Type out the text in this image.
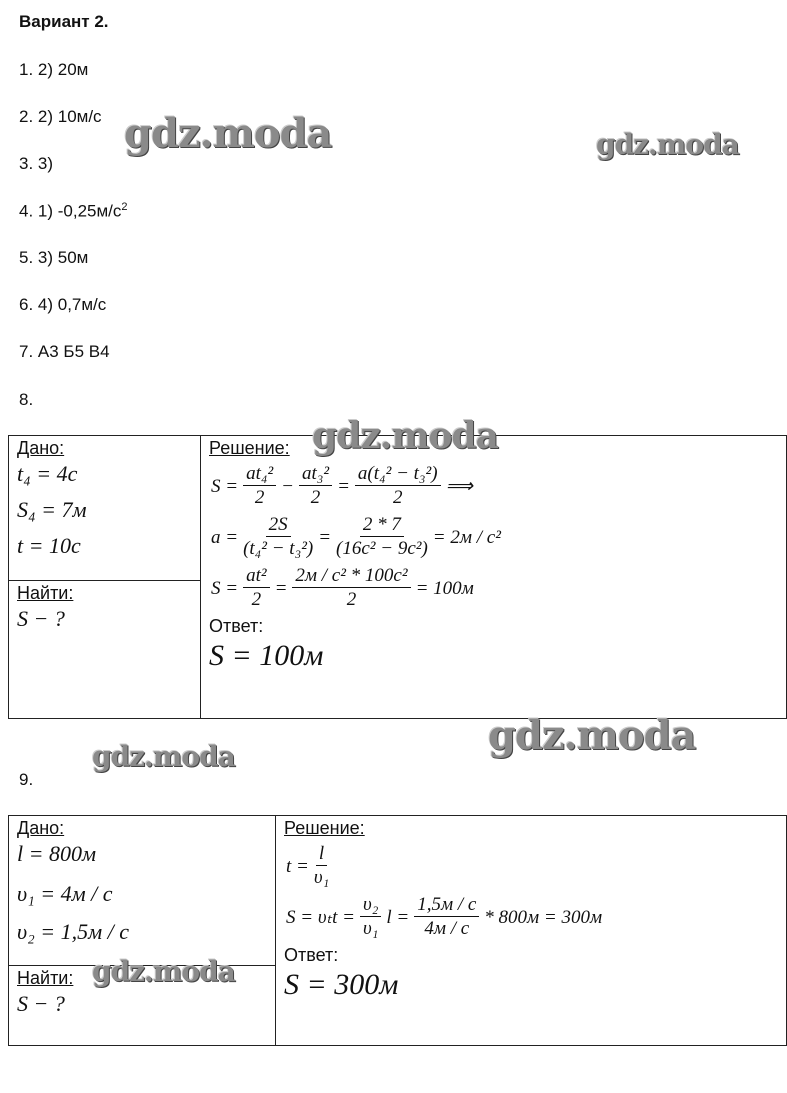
Вариант 2.
1. 2) 20м
2. 2) 10м/с
3. 3)
4. 1) $-0,25м/с^2$
5. 3) 50м
6. 4) 0,7м/с
7. А3 Б5 В4
8.
Дано:
t₄ = 4c
S₄ = 7м
t = 10c

Решение:
$S = \frac{\text{at₄²}}{2} - \frac{\text{at₃²}}{2} = \frac{\text{a(t₄² − t₃²)}}{2}$ ⟹
$a = \frac{2S}{\text{(t₄² − t₃²)}} = \frac{2 * 7}{\text{(16c² − 9c²)}} = 2м / c^2$
$S = \frac{\text{at²}}{2} = \frac{\text{2м / c² * 100c²}}{2} = 100м$
Ответ:
S = 100м

Найти:
S − ?
9.
Дано:
l = 800м
υ₁ = 4м / c
υ₂ = 1,5м / c

Решение:
$t = \frac{l}{\text{υ₁}}$
$S = \upsilon_tt = \frac{\text{υ₂}}{\text{υ₁}}$ $l = \frac{1,5м / c}{4м / c} * 800м = 300м$
Ответ:
S = 300м

Найти:
S − ?
gdz.moda	gdz.moda
gdz.moda
gdz.moda
gdz.moda
gdz.moda
